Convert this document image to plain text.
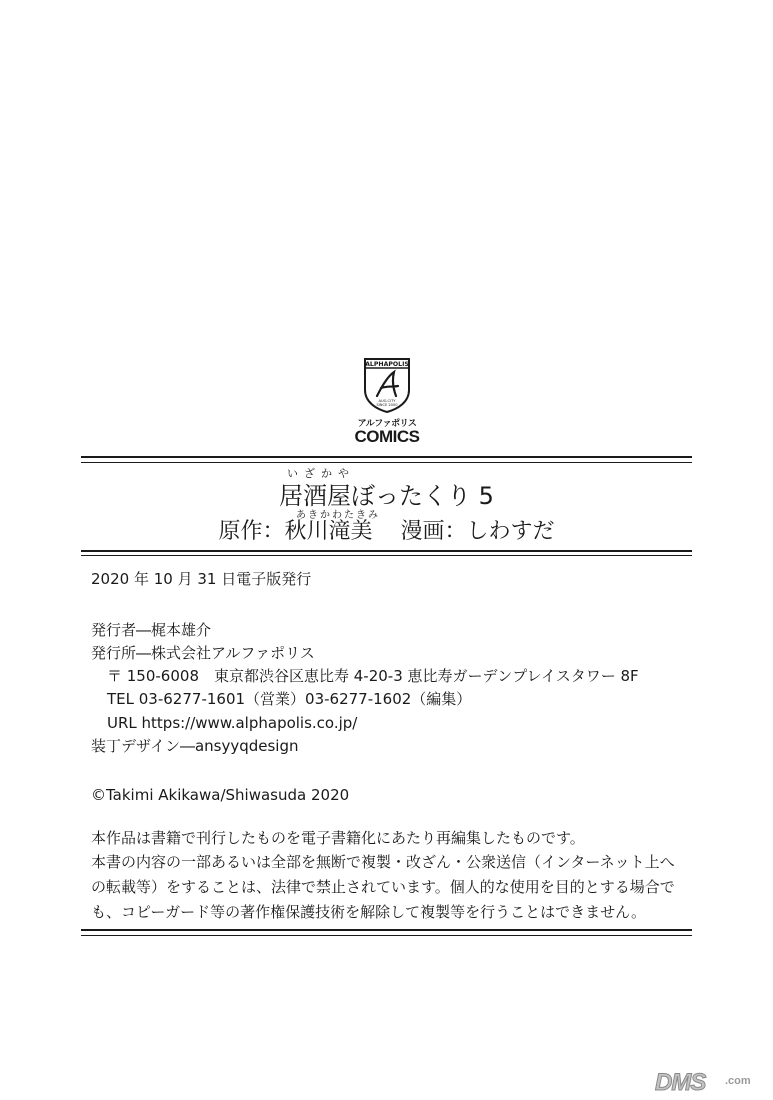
ALPHAPOLIS
AUG.CITY
SINCE 2000
アルファポリス
COMICS
いざかや
居酒屋ぼったくり 5
あきかわたきみ
原作：秋川滝美 漫画：しわすだ
2020 年 10 月 31 日電子版発行
発行者―梶本雄介
発行所―株式会社アルファポリス
〒 150-6008　東京都渋谷区恵比寿 4-20-3 恵比寿ガーデンプレイスタワー 8F
TEL 03-6277-1601（営業）03-6277-1602（編集）
URL https://www.alphapolis.co.jp/
装丁デザイン―ansyyqdesign
©Takimi Akikawa/Shiwasuda 2020
本作品は書籍で刊行したものを電子書籍化にあたり再編集したものです。
本書の内容の一部あるいは全部を無断で複製・改ざん・公衆送信（インターネット上へ
の転載等）をすることは、法律で禁止されています。個人的な使用を目的とする場合で
も、コピーガード等の著作権保護技術を解除して複製等を行うことはできません。
DMS .com
